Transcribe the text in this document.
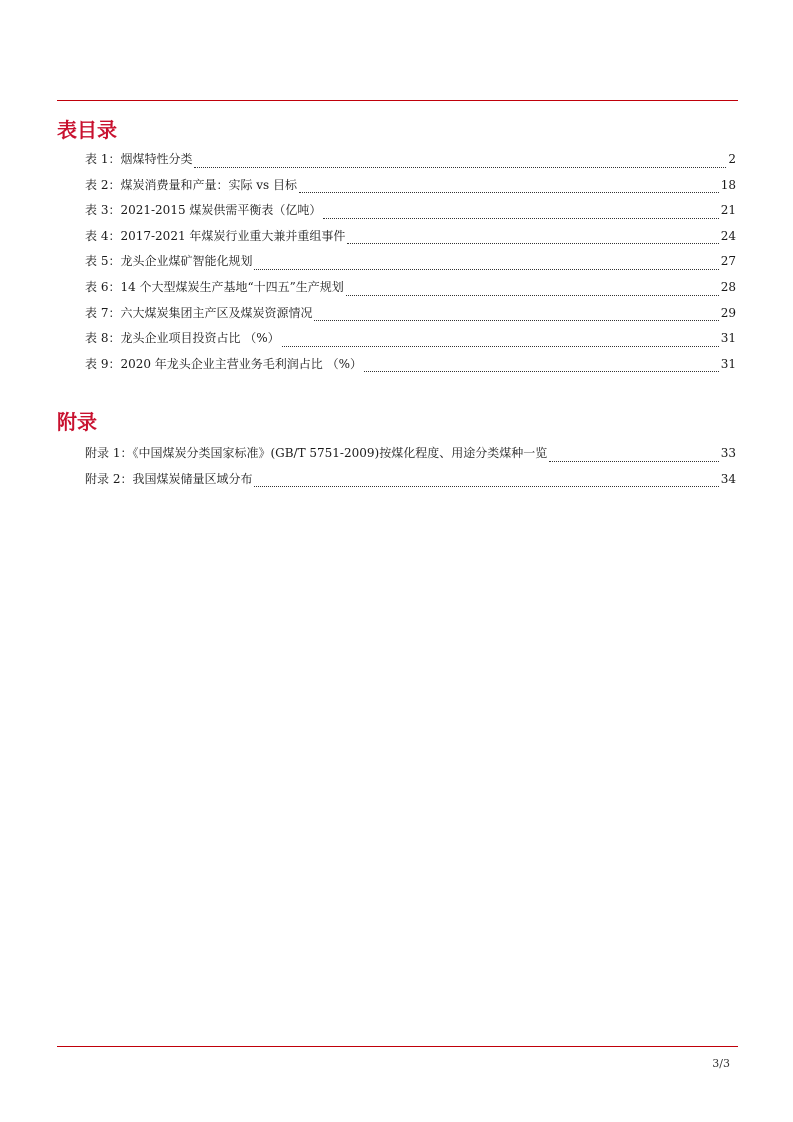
表目录
表 1：烟煤特性分类	2
表 2：煤炭消费量和产量：实际 vs 目标	18
表 3：2021-2015 煤炭供需平衡表（亿吨）	21
表 4：2017-2021 年煤炭行业重大兼并重组事件	24
表 5：龙头企业煤矿智能化规划	27
表 6：14 个大型煤炭生产基地“十四五”生产规划	28
表 7：六大煤炭集团主产区及煤炭资源情况	29
表 8：龙头企业项目投资占比 （%）	31
表 9：2020 年龙头企业主营业务毛利润占比 （%）	31
附录
附录 1：《中国煤炭分类国家标准》(GB/T 5751-2009)按煤化程度、用途分类煤种一览	33
附录 2：我国煤炭储量区域分布	34
3/3
